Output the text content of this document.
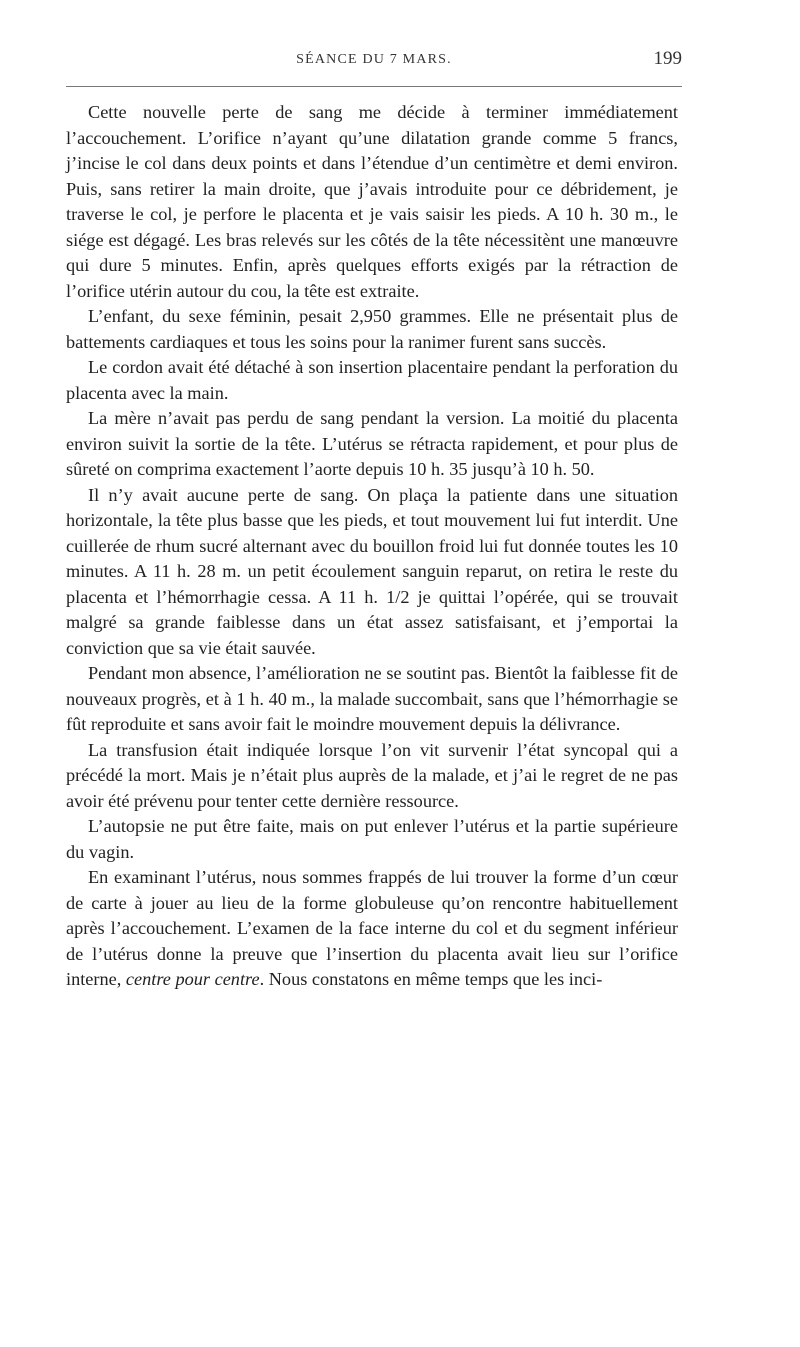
SÉANCE DU 7 MARS.	199

Cette nouvelle perte de sang me décide à terminer immédiatement l’accouchement. L’orifice n’ayant qu’une dilatation grande comme 5 francs, j’incise le col dans deux points et dans l’étendue d’un centimètre et demi environ. Puis, sans retirer la main droite, que j’avais introduite pour ce débridement, je traverse le col, je perfore le placenta et je vais saisir les pieds. A 10 h. 30 m., le siége est dégagé. Les bras relevés sur les côtés de la tête nécessitènt une manœuvre qui dure 5 minutes. Enfin, après quelques efforts exigés par la rétraction de l’orifice utérin autour du cou, la tête est extraite.

L’enfant, du sexe féminin, pesait 2,950 grammes. Elle ne présentait plus de battements cardiaques et tous les soins pour la ranimer furent sans succès.

Le cordon avait été détaché à son insertion placentaire pendant la perforation du placenta avec la main.

La mère n’avait pas perdu de sang pendant la version. La moitié du placenta environ suivit la sortie de la tête. L’utérus se rétracta rapidement, et pour plus de sûreté on comprima exactement l’aorte depuis 10 h. 35 jusqu’à 10 h. 50.

Il n’y avait aucune perte de sang. On plaça la patiente dans une situation horizontale, la tête plus basse que les pieds, et tout mouvement lui fut interdit. Une cuillerée de rhum sucré alternant avec du bouillon froid lui fut donnée toutes les 10 minutes. A 11 h. 28 m. un petit écoulement sanguin reparut, on retira le reste du placenta et l’hémorrhagie cessa. A 11 h. 1/2 je quittai l’opérée, qui se trouvait malgré sa grande faiblesse dans un état assez satisfaisant, et j’emportai la conviction que sa vie était sauvée.

Pendant mon absence, l’amélioration ne se soutint pas. Bientôt la faiblesse fit de nouveaux progrès, et à 1 h. 40 m., la malade succombait, sans que l’hémorrhagie se fût reproduite et sans avoir fait le moindre mouvement depuis la délivrance.

La transfusion était indiquée lorsque l’on vit survenir l’état syncopal qui a précédé la mort. Mais je n’était plus auprès de la malade, et j’ai le regret de ne pas avoir été prévenu pour tenter cette dernière ressource.

L’autopsie ne put être faite, mais on put enlever l’utérus et la partie supérieure du vagin.

En examinant l’utérus, nous sommes frappés de lui trouver la forme d’un cœur de carte à jouer au lieu de la forme globuleuse qu’on rencontre habituellement après l’accouchement. L’examen de la face interne du col et du segment inférieur de l’utérus donne la preuve que l’insertion du placenta avait lieu sur l’orifice interne, centre pour centre. Nous constatons en même temps que les inci-
